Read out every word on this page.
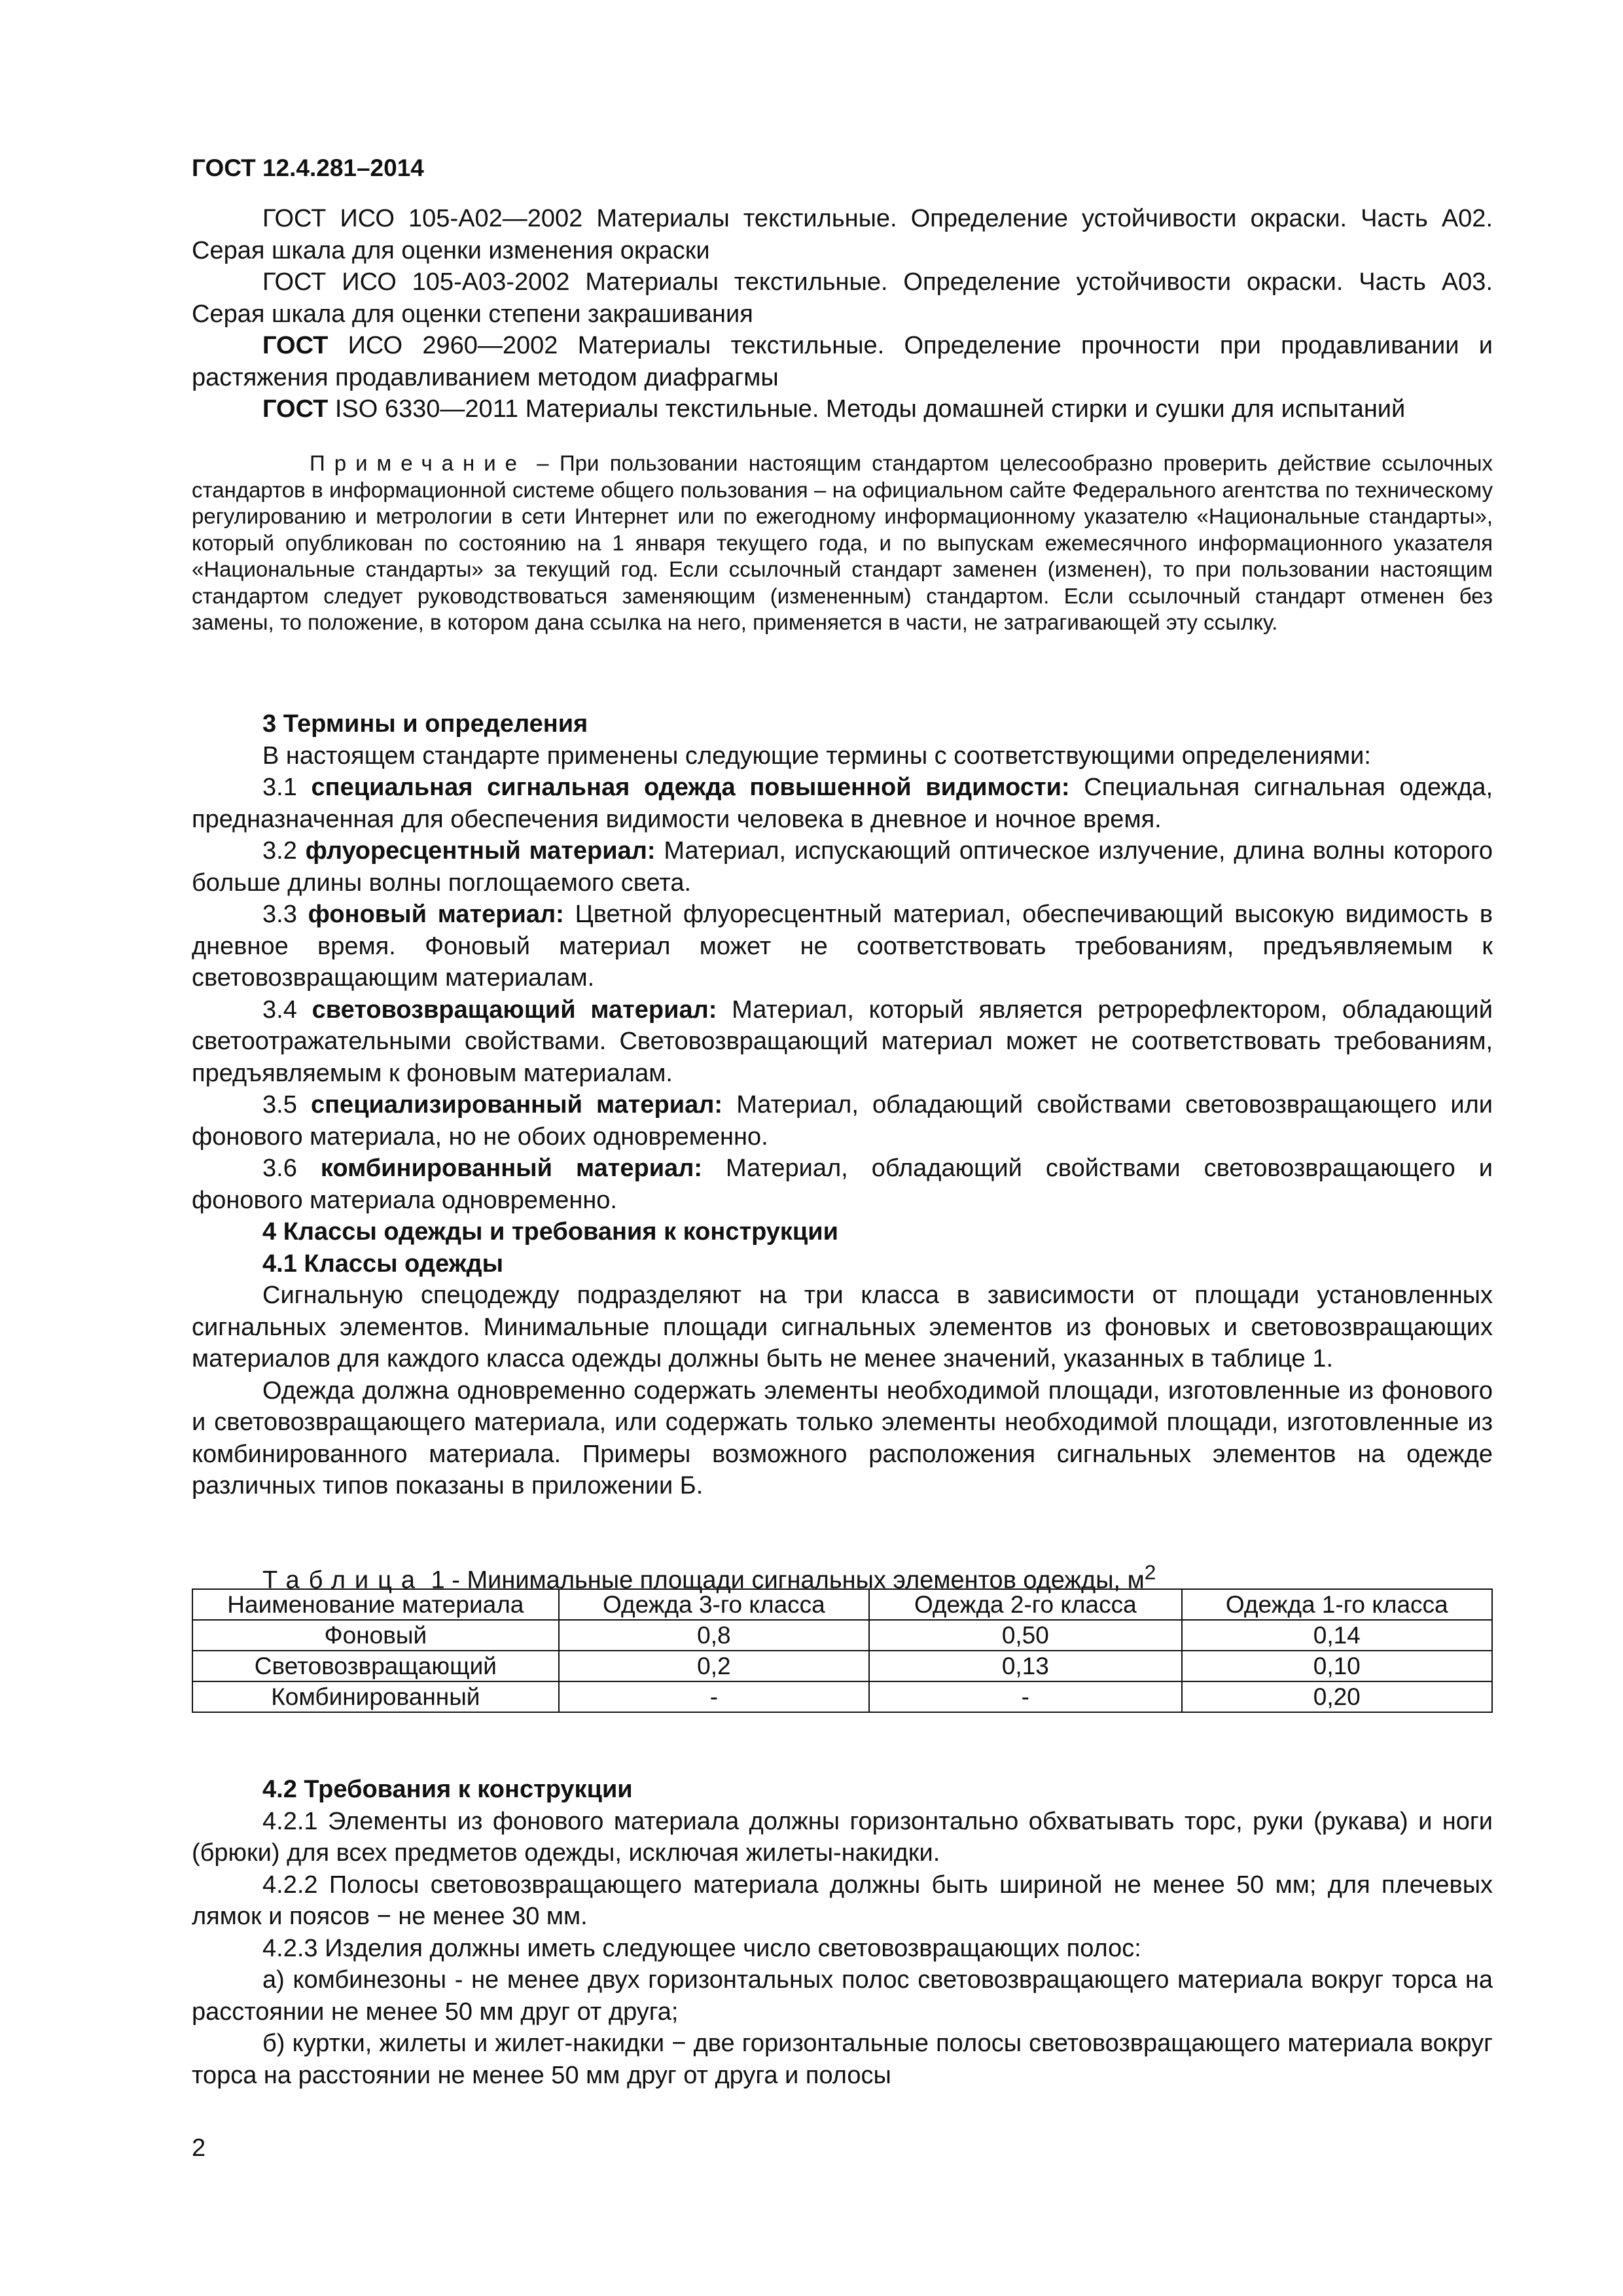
ГОСТ 12.4.281–2014

ГОСТ ИСО 105-А02—2002 Материалы текстильные. Определение устойчивости окраски. Часть А02. Серая шкала для оценки изменения окраски

ГОСТ ИСО 105-А03-2002 Материалы текстильные. Определение устойчивости окраски. Часть А03. Серая шкала для оценки степени закрашивания

ГОСТ ИСО 2960—2002 Материалы текстильные. Определение прочности при продавливании и растяжения продавливанием методом диафрагмы

ГОСТ ISO 6330—2011 Материалы текстильные. Методы домашней стирки и сушки для испытаний

Примечание – При пользовании настоящим стандартом целесообразно проверить действие ссылочных стандартов в информационной системе общего пользования – на официальном сайте Федерального агентства по техническому регулированию и метрологии в сети Интернет или по ежегодному информационному указателю «Национальные стандарты», который опубликован по состоянию на 1 января текущего года, и по выпускам ежемесячного информационного указателя «Национальные стандарты» за текущий год. Если ссылочный стандарт заменен (изменен), то при пользовании настоящим стандартом следует руководствоваться заменяющим (измененным) стандартом. Если ссылочный стандарт отменен без замены, то положение, в котором дана ссылка на него, применяется в части, не затрагивающей эту ссылку.

3 Термины и определения

В настоящем стандарте применены следующие термины с соответствующими определениями:

3.1 специальная сигнальная одежда повышенной видимости: Специальная сигнальная одежда, предназначенная для обеспечения видимости человека в дневное и ночное время.

3.2 флуоресцентный материал: Материал, испускающий оптическое излучение, длина волны которого больше длины волны поглощаемого света.

3.3 фоновый материал: Цветной флуоресцентный материал, обеспечивающий высокую видимость в дневное время. Фоновый материал может не соответствовать требованиям, предъявляемым к световозвращающим материалам.

3.4 световозвращающий материал: Материал, который является ретрорефлектором, обладающий светоотражательными свойствами. Световозвращающий материал может не соответствовать требованиям, предъявляемым к фоновым материалам.

3.5 специализированный материал: Материал, обладающий свойствами световозвращающего или фонового материала, но не обоих одновременно.

3.6 комбинированный материал: Материал, обладающий свойствами световозвращающего и фонового материала одновременно.

4 Классы одежды и требования к конструкции

4.1 Классы одежды

Сигнальную спецодежду подразделяют на три класса в зависимости от площади установленных сигнальных элементов. Минимальные площади сигнальных элементов из фоновых и световозвращающих материалов для каждого класса одежды должны быть не менее значений, указанных в таблице 1.

Одежда должна одновременно содержать элементы необходимой площади, изготовленные из фонового и световозвращающего материала, или содержать только элементы необходимой площади, изготовленные из комбинированного материала. Примеры возможного расположения сигнальных элементов на одежде различных типов показаны в приложении Б.

Таблица 1 - Минимальные площади сигнальных элементов одежды, $м^2$
Наименование материала	Одежда 3-го класса	Одежда 2-го класса	Одежда 1-го класса
Фоновый	0,8	0,50	0,14
Световозвращающий	0,2	0,13	0,10
Комбинированный	-	-	0,20

4.2 Требования к конструкции

4.2.1 Элементы из фонового материала должны горизонтально обхватывать торс, руки (рукава) и ноги (брюки) для всех предметов одежды, исключая жилеты-накидки.

4.2.2 Полосы световозвращающего материала должны быть шириной не менее 50 мм; для плечевых лямок и поясов − не менее 30 мм.

4.2.3 Изделия должны иметь следующее число световозвращающих полос:

а) комбинезоны - не менее двух горизонтальных полос световозвращающего материала вокруг торса на расстоянии не менее 50 мм друг от друга;

б) куртки, жилеты и жилет-накидки − две горизонтальные полосы световозвращающего материала вокруг торса на расстоянии не менее 50 мм друг от друга и полосы

2
